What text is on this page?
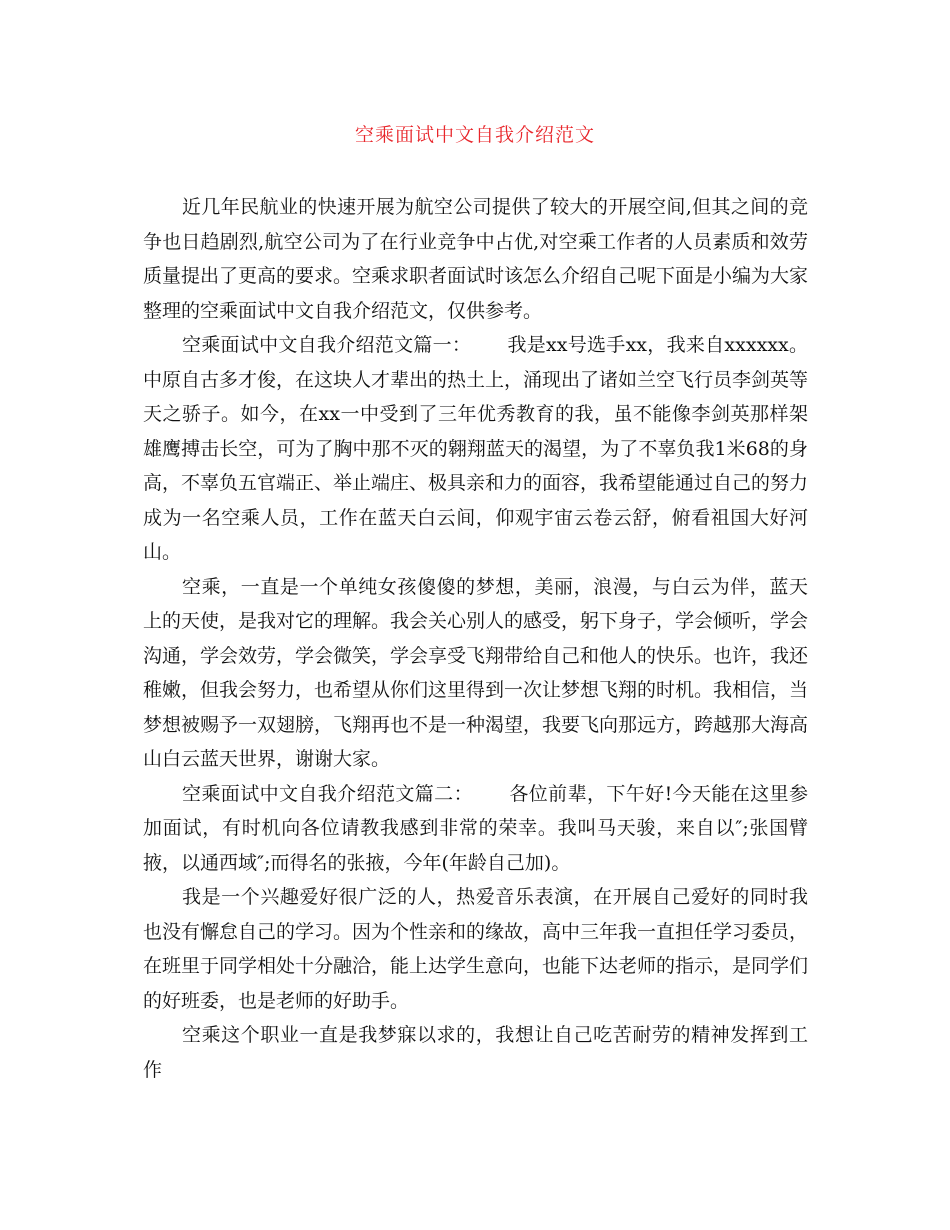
空乘面试中文自我介绍范文

近几年民航业的快速开展为航空公司提供了较大的开展空间,但其之间的竞争也日趋剧烈,航空公司为了在行业竞争中占优,对空乘工作者的人员素质和效劳质量提出了更高的要求。空乘求职者面试时该怎么介绍自己呢下面是小编为大家整理的空乘面试中文自我介绍范文，仅供参考。

空乘面试中文自我介绍范文篇一： 我是xx号选手xx，我来自xxxxxx。中原自古多才俊，在这块人才辈出的热土上，涌现出了诸如兰空飞行员李剑英等天之骄子。如今，在xx一中受到了三年优秀教育的我，虽不能像李剑英那样架雄鹰搏击长空，可为了胸中那不灭的翱翔蓝天的渴望，为了不辜负我1米68的身高，不辜负五官端正、举止端庄、极具亲和力的面容，我希望能通过自己的努力成为一名空乘人员，工作在蓝天白云间，仰观宇宙云卷云舒，俯看祖国大好河山。

空乘，一直是一个单纯女孩傻傻的梦想，美丽，浪漫，与白云为伴，蓝天上的天使，是我对它的理解。我会关心别人的感受，躬下身子，学会倾听，学会沟通，学会效劳，学会微笑，学会享受飞翔带给自己和他人的快乐。也许，我还稚嫩，但我会努力，也希望从你们这里得到一次让梦想飞翔的时机。我相信，当梦想被赐予一双翅膀，飞翔再也不是一种渴望，我要飞向那远方，跨越那大海高山白云蓝天世界，谢谢大家。

空乘面试中文自我介绍范文篇二： 各位前辈，下午好!今天能在这里参加面试，有时机向各位请教我感到非常的荣幸。我叫马天骏，来自以″;张国臂掖，以通西域″;而得名的张掖，今年(年龄自己加)。

我是一个兴趣爱好很广泛的人，热爱音乐表演，在开展自己爱好的同时我也没有懈怠自己的学习。因为个性亲和的缘故，高中三年我一直担任学习委员，在班里于同学相处十分融洽，能上达学生意向，也能下达老师的指示，是同学们的好班委，也是老师的好助手。

空乘这个职业一直是我梦寐以求的，我想让自己吃苦耐劳的精神发挥到工作
